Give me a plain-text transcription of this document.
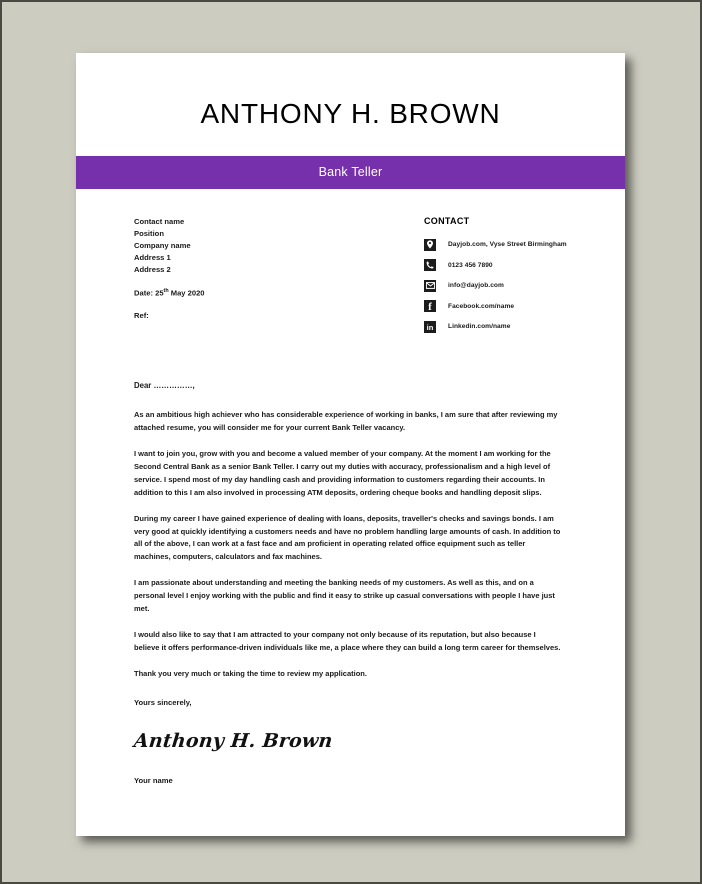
ANTHONY H. BROWN
Bank Teller
Contact name
Position
Company name
Address 1
Address 2
Date: 25th May 2020
Ref:
CONTACT
Dayjob.com, Vyse Street Birmingham
0123 456 7890
info@dayjob.com
f Facebook.com/name
in Linkedin.com/name
Dear ……………,

As an ambitious high achiever who has considerable experience of working in banks, I am sure that after reviewing my attached resume, you will consider me for your current Bank Teller vacancy.

I want to join you, grow with you and become a valued member of your company. At the moment I am working for the Second Central Bank as a senior Bank Teller. I carry out my duties with accuracy, professionalism and a high level of service. I spend most of my day handling cash and providing information to customers regarding their accounts. In addition to this I am also involved in processing ATM deposits, ordering cheque books and handling deposit slips.

During my career I have gained experience of dealing with loans, deposits, traveller's checks and savings bonds. I am very good at quickly identifying a customers needs and have no problem handling large amounts of cash. In addition to all of the above, I can work at a fast face and am proficient in operating related office equipment such as teller machines, computers, calculators and fax machines.

I am passionate about understanding and meeting the banking needs of my customers. As well as this, and on a personal level I enjoy working with the public and find it easy to strike up casual conversations with people I have just met.

I would also like to say that I am attracted to your company not only because of its reputation, but also because I believe it offers performance-driven individuals like me, a place where they can build a long term career for themselves.

Thank you very much or taking the time to review my application.

Yours sincerely,
Anthony H. Brown
Your name
